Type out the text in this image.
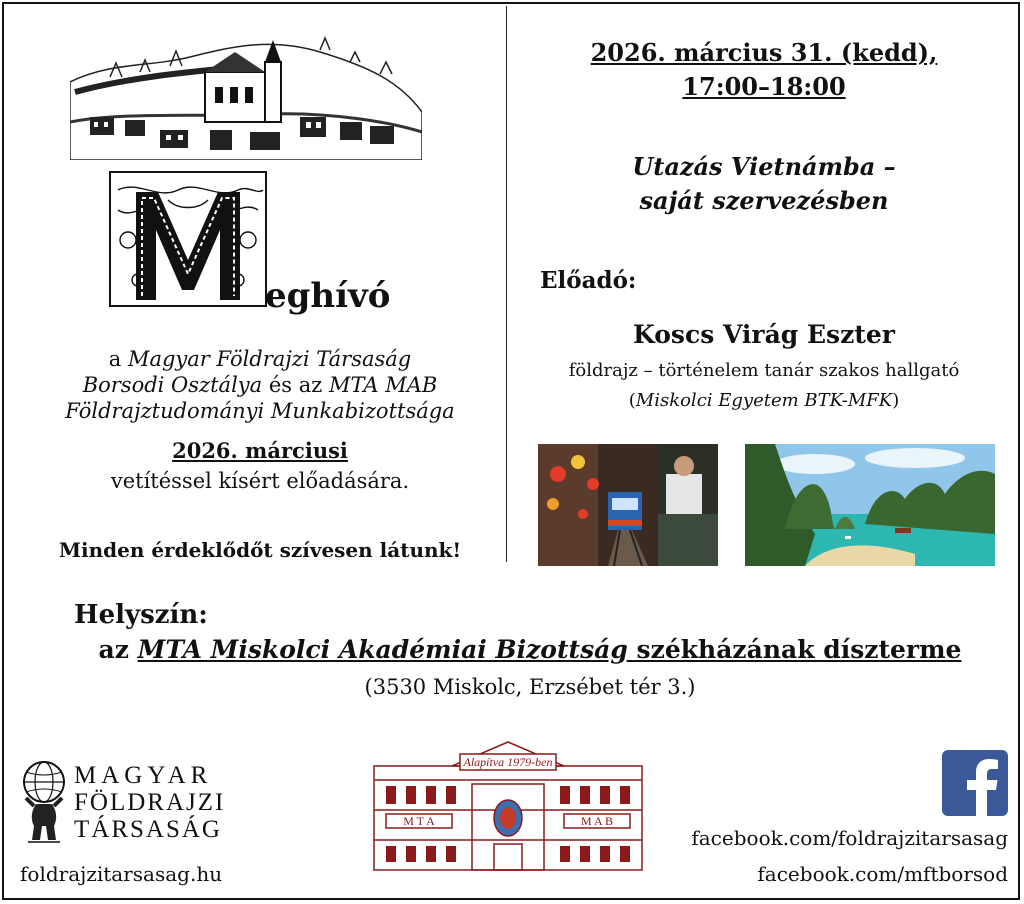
eghívó
a Magyar Földrajzi Társaság
Borsodi Osztálya és az MTA MAB
Földrajztudományi Munkabizottsága
2026. márciusi
vetítéssel kísért előadására.
Minden érdeklődőt szívesen látunk!
2026. március 31. (kedd),
17:00–18:00
Utazás Vietnámba –
saját szervezésben
Előadó:
Koscs Virág Eszter
földrajz – történelem tanár szakos hallgató
(Miskolci Egyetem BTK-MFK)
Helyszín:
az MTA Miskolci Akadémiai Bizottság székházának díszterme
(3530 Miskolc, Erzsébet tér 3.)
MAGYAR
FÖLDRAJZI
TÁRSASÁG
foldrajzitarsasag.hu
Alapítva 1979-ben
M T A	M A B
facebook.com/foldrajzitarsasag
facebook.com/mftborsod
